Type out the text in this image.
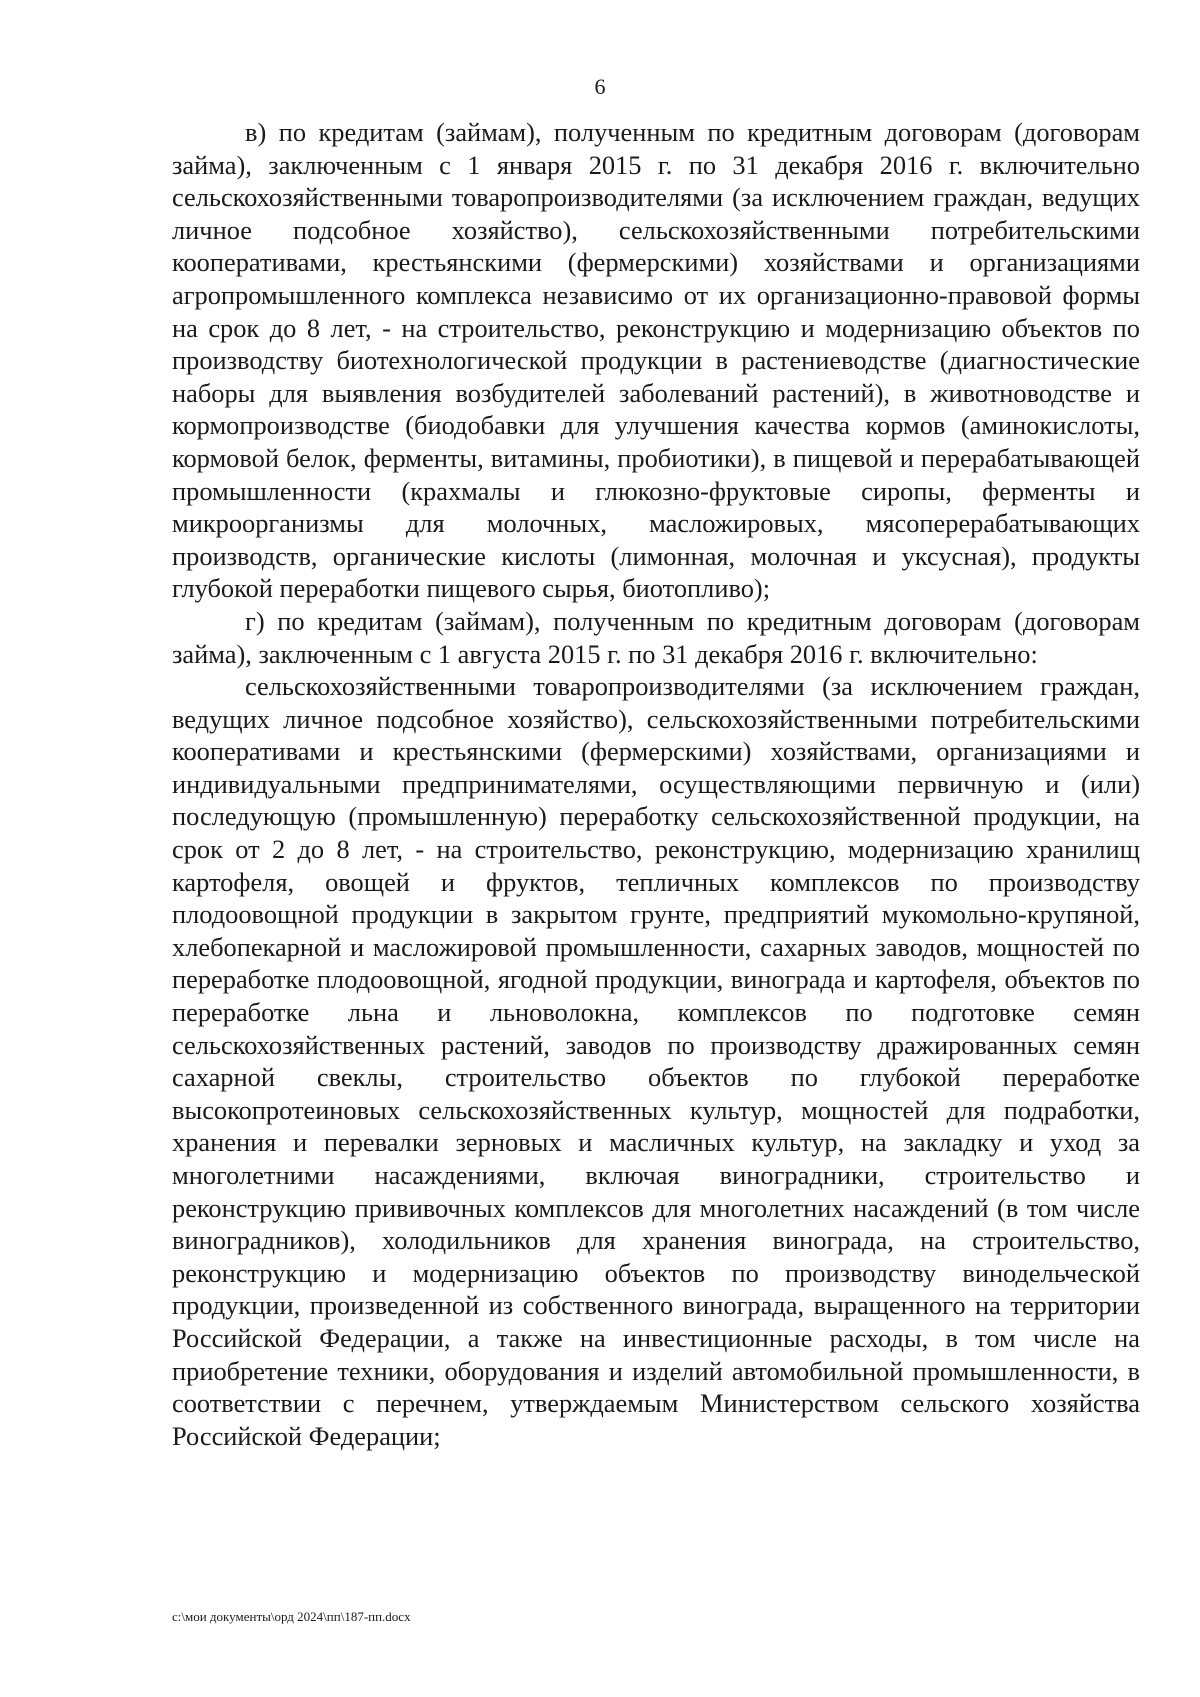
6

в) по кредитам (займам), полученным по кредитным договорам (договорам займа), заключенным с 1 января 2015 г. по 31 декабря 2016 г. включительно сельскохозяйственными товаропроизводителями (за исключением граждан, ведущих личное подсобное хозяйство), сельскохозяйственными потребительскими кооперативами, крестьянскими (фермерскими) хозяйствами и организациями агропромышленного комплекса независимо от их организационно-правовой формы на срок до 8 лет, - на строительство, реконструкцию и модернизацию объектов по производству биотехнологической продукции в растениеводстве (диагностические наборы для выявления возбудителей заболеваний растений), в животноводстве и кормопроизводстве (биодобавки для улучшения качества кормов (аминокислоты, кормовой белок, ферменты, витамины, пробиотики), в пищевой и перерабатывающей промышленности (крахмалы и глюкозно-фруктовые сиропы, ферменты и микроорганизмы для молочных, масложировых, мясоперерабатывающих производств, органические кислоты (лимонная, молочная и уксусная), продукты глубокой переработки пищевого сырья, биотопливо);

г) по кредитам (займам), полученным по кредитным договорам (договорам займа), заключенным с 1 августа 2015 г. по 31 декабря 2016 г. включительно:

сельскохозяйственными товаропроизводителями (за исключением граждан, ведущих личное подсобное хозяйство), сельскохозяйственными потребительскими кооперативами и крестьянскими (фермерскими) хозяйствами, организациями и индивидуальными предпринимателями, осуществляющими первичную и (или) последующую (промышленную) переработку сельскохозяйственной продукции, на срок от 2 до 8 лет, - на строительство, реконструкцию, модернизацию хранилищ картофеля, овощей и фруктов, тепличных комплексов по производству плодоовощной продукции в закрытом грунте, предприятий мукомольно-крупяной, хлебопекарной и масложировой промышленности, сахарных заводов, мощностей по переработке плодоовощной, ягодной продукции, винограда и картофеля, объектов по переработке льна и льноволокна, комплексов по подготовке семян сельскохозяйственных растений, заводов по производству дражированных семян сахарной свеклы, строительство объектов по глубокой переработке высокопротеиновых сельскохозяйственных культур, мощностей для подработки, хранения и перевалки зерновых и масличных культур, на закладку и уход за многолетними насаждениями, включая виноградники, строительство и реконструкцию прививочных комплексов для многолетних насаждений (в том числе виноградников), холодильников для хранения винограда, на строительство, реконструкцию и модернизацию объектов по производству винодельческой продукции, произведенной из собственного винограда, выращенного на территории Российской Федерации, а также на инвестиционные расходы, в том числе на приобретение техники, оборудования и изделий автомобильной промышленности, в соответствии с перечнем, утверждаемым Министерством сельского хозяйства Российской Федерации;

c:\мои документы\орд 2024\пп\187-пп.docx
